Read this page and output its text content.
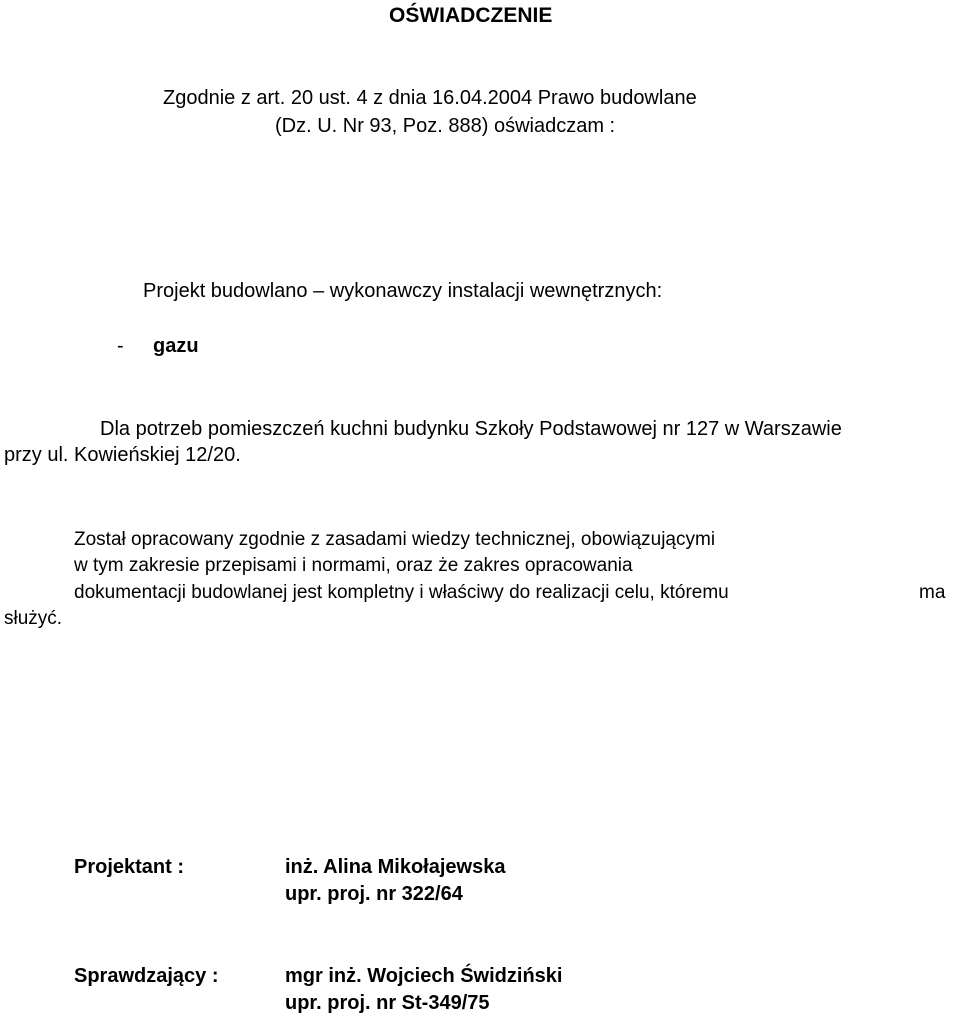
OŚWIADCZENIE
Zgodnie z art. 20 ust. 4 z dnia 16.04.2004 Prawo budowlane
(Dz. U. Nr 93, Poz. 888) oświadczam :
Projekt budowlano – wykonawczy instalacji wewnętrznych:
- gazu
Dla potrzeb pomieszczeń kuchni budynku Szkoły Podstawowej nr 127 w Warszawie
przy ul. Kowieńskiej 12/20.
Został opracowany zgodnie z zasadami wiedzy technicznej, obowiązującymi
w tym zakresie przepisami i normami, oraz że zakres opracowania
dokumentacji budowlanej jest kompletny i właściwy do realizacji celu, któremu	ma
służyć.
Projektant :	inż. Alina Mikołajewska
upr. proj. nr 322/64
Sprawdzający :	mgr inż. Wojciech Świdziński
upr. proj. nr St-349/75
